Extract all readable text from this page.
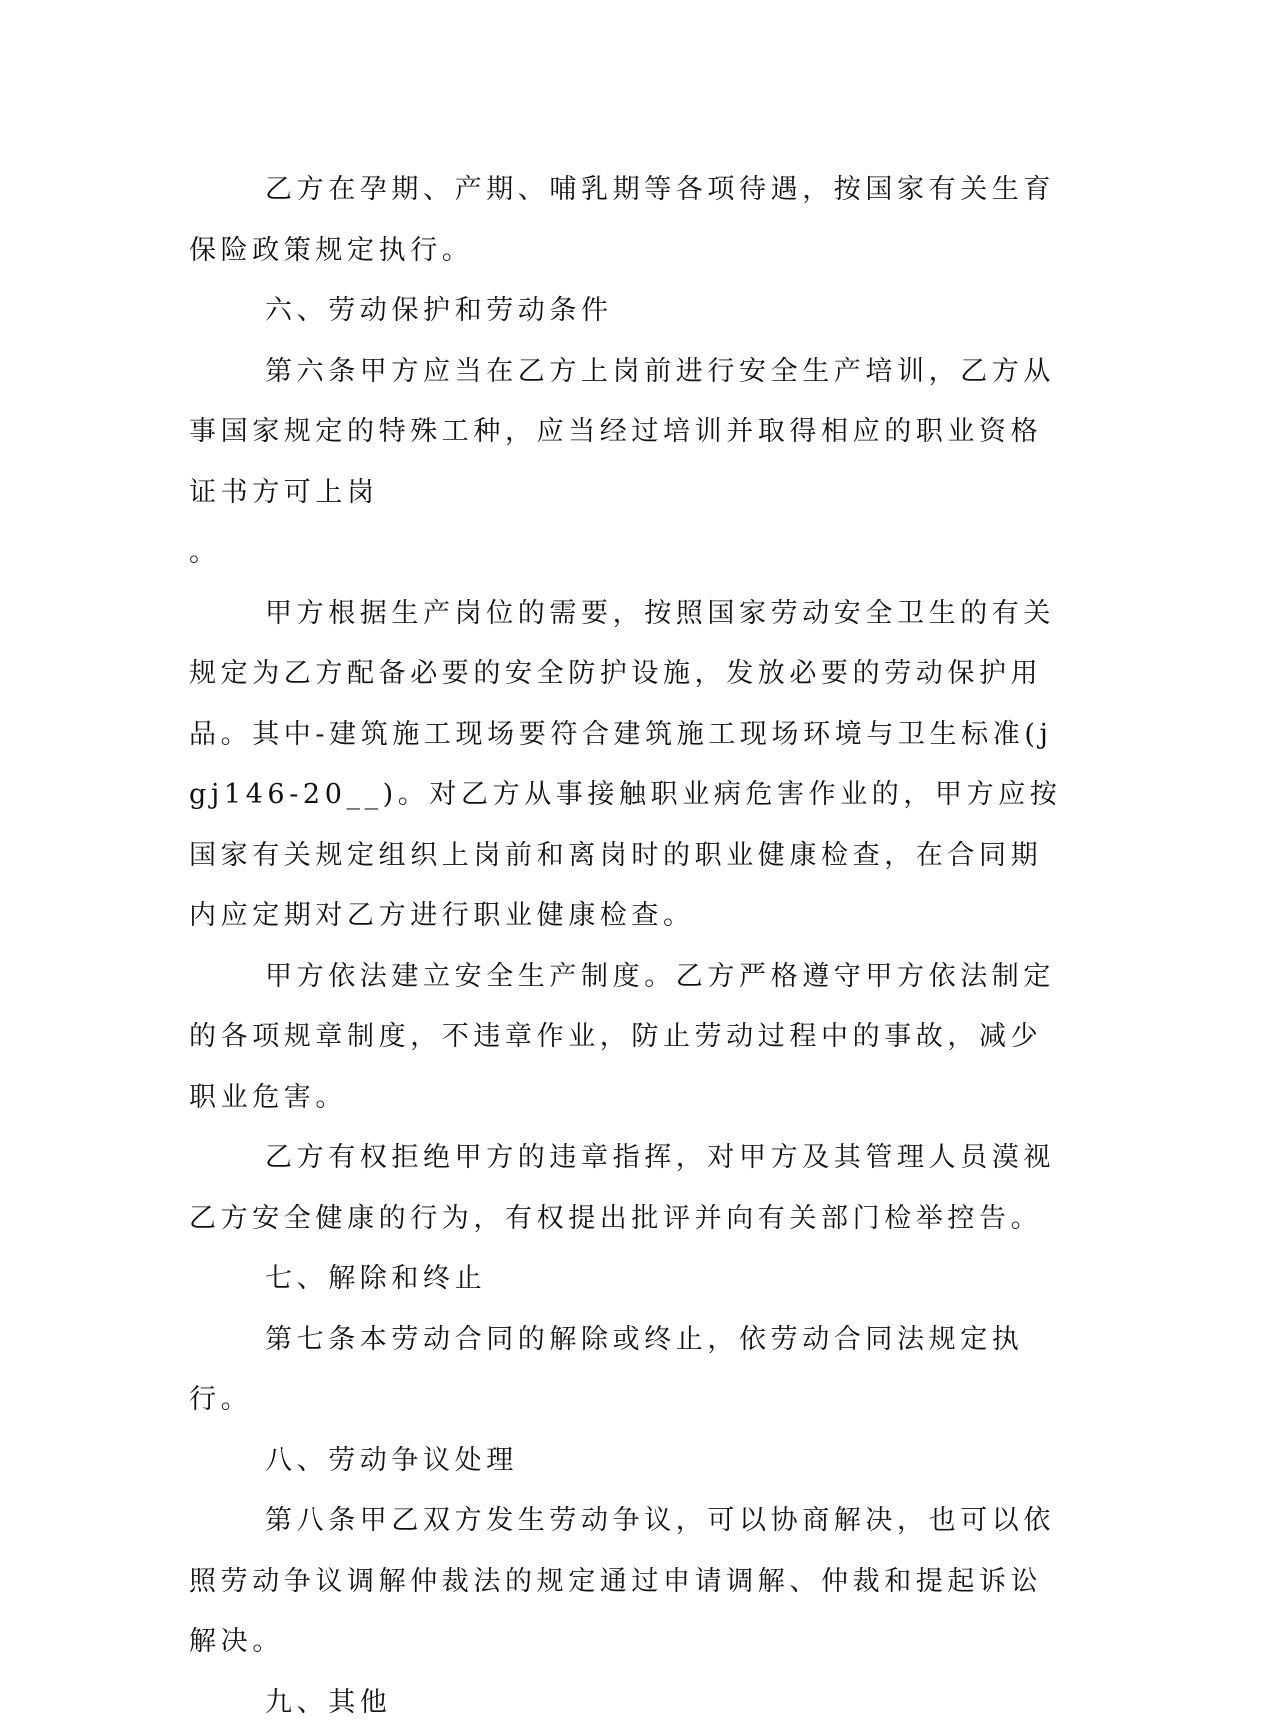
乙方在孕期、产期、哺乳期等各项待遇，按国家有关生育保险政策规定执行。

六、劳动保护和劳动条件

第六条甲方应当在乙方上岗前进行安全生产培训，乙方从事国家规定的特殊工种，应当经过培训并取得相应的职业资格证书方可上岗
。

甲方根据生产岗位的需要，按照国家劳动安全卫生的有关规定为乙方配备必要的安全防护设施，发放必要的劳动保护用品。其中-建筑施工现场要符合建筑施工现场环境与卫生标准(jgj146-20__)。对乙方从事接触职业病危害作业的，甲方应按国家有关规定组织上岗前和离岗时的职业健康检查，在合同期内应定期对乙方进行职业健康检查。

甲方依法建立安全生产制度。乙方严格遵守甲方依法制定的各项规章制度，不违章作业，防止劳动过程中的事故，减少职业危害。

乙方有权拒绝甲方的违章指挥，对甲方及其管理人员漠视乙方安全健康的行为，有权提出批评并向有关部门检举控告。

七、解除和终止

第七条本劳动合同的解除或终止，依劳动合同法规定执行。

八、劳动争议处理

第八条甲乙双方发生劳动争议，可以协商解决，也可以依照劳动争议调解仲裁法的规定通过申请调解、仲裁和提起诉讼解决。

九、其他
